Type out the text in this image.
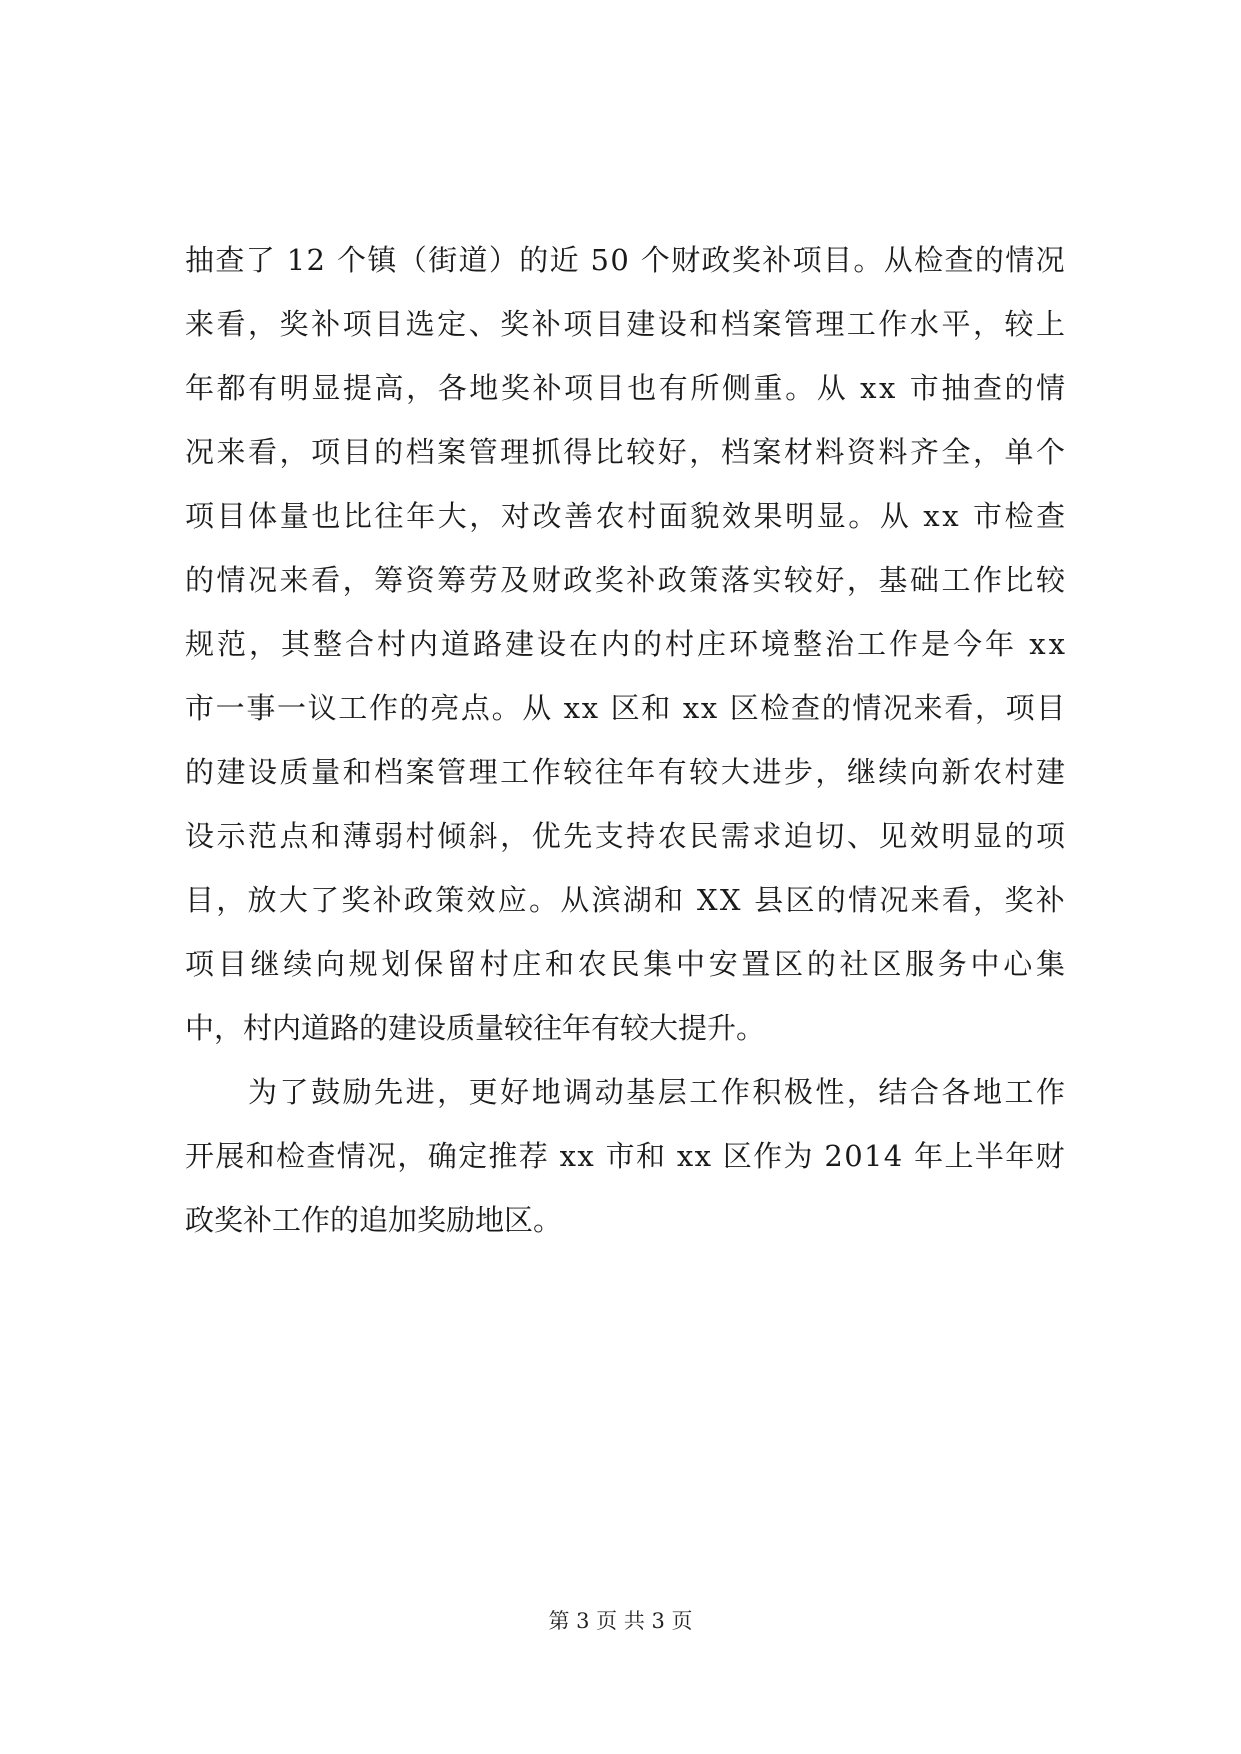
抽查了 12 个镇（街道）的近 50 个财政奖补项目。从检查的情况
来看，奖补项目选定、奖补项目建设和档案管理工作水平，较上
年都有明显提高，各地奖补项目也有所侧重。从 xx 市抽查的情
况来看，项目的档案管理抓得比较好，档案材料资料齐全，单个
项目体量也比往年大，对改善农村面貌效果明显。从 xx 市检查
的情况来看，筹资筹劳及财政奖补政策落实较好，基础工作比较
规范，其整合村内道路建设在内的村庄环境整治工作是今年 xx
市一事一议工作的亮点。从 xx 区和 xx 区检查的情况来看，项目
的建设质量和档案管理工作较往年有较大进步，继续向新农村建
设示范点和薄弱村倾斜，优先支持农民需求迫切、见效明显的项
目，放大了奖补政策效应。从滨湖和 XX 县区的情况来看，奖补
项目继续向规划保留村庄和农民集中安置区的社区服务中心集
中，村内道路的建设质量较往年有较大提升。
　　为了鼓励先进，更好地调动基层工作积极性，结合各地工作
开展和检查情况，确定推荐 xx 市和 xx 区作为 2014 年上半年财
政奖补工作的追加奖励地区。
第 3 页 共 3 页
